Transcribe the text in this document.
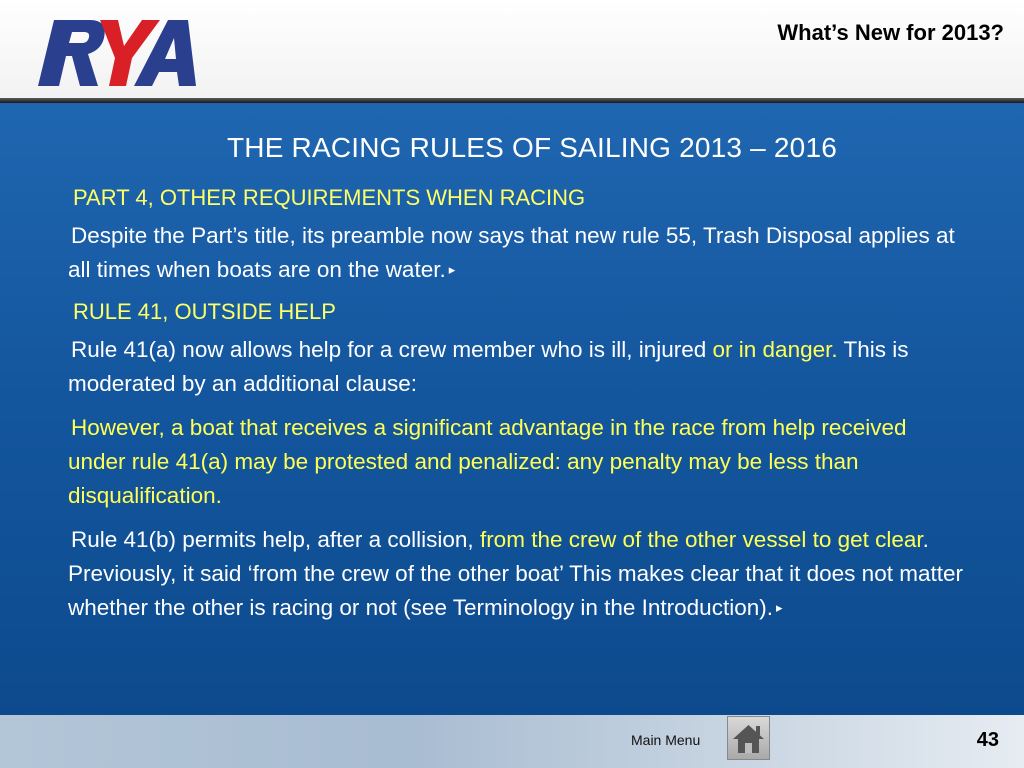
What’s New for 2013?
THE RACING RULES OF SAILING 2013 – 2016
PART 4, OTHER REQUIREMENTS WHEN RACING

Despite the Part’s title, its preamble now says that new rule 55, Trash Disposal applies at all times when boats are on the water. ▸

RULE 41, OUTSIDE HELP

Rule 41(a) now allows help for a crew member who is ill, injured or in danger. This is moderated by an additional clause:

However, a boat that receives a significant advantage in the race from help received under rule 41(a) may be protested and penalized: any penalty may be less than disqualification.

Rule 41(b) permits help, after a collision, from the crew of the other vessel to get clear. Previously, it said ‘from the crew of the other boat’ This makes clear that it does not matter whether the other is racing or not (see Terminology in the Introduction). ▸

Main Menu	43
